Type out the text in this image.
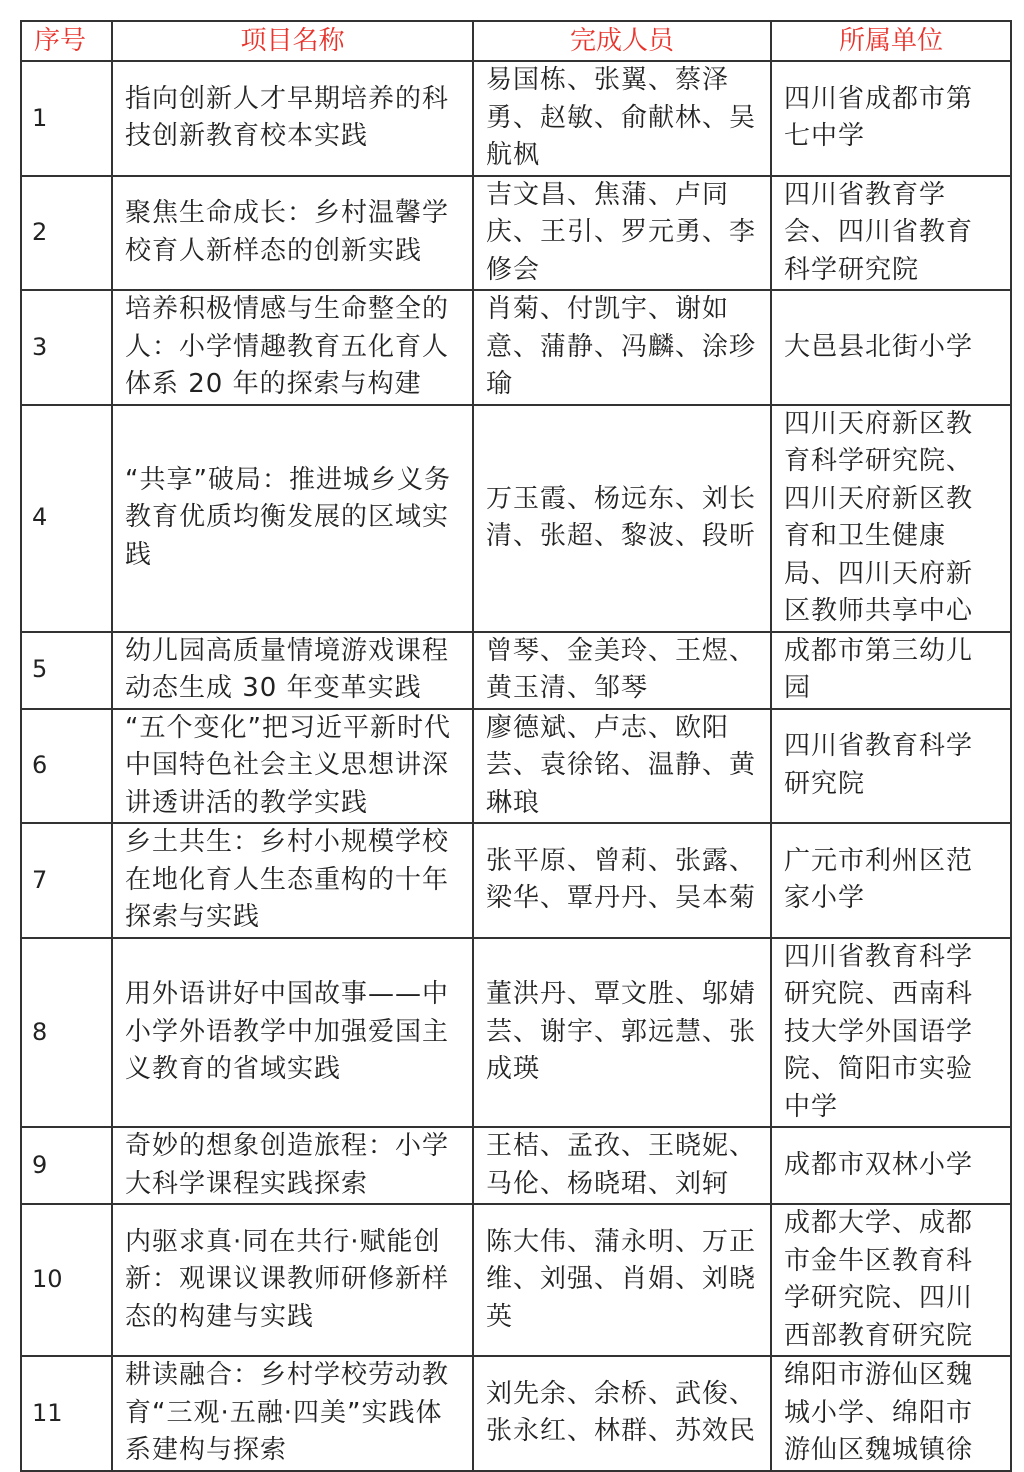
序号	项目名称	完成人员	所属单位
1	指向创新人才早期培养的科技创新教育校本实践	易国栋、张翼、蔡泽勇、赵敏、俞献林、吴航枫	四川省成都市第七中学
2	聚焦生命成长：乡村温馨学校育人新样态的创新实践	吉文昌、焦蒲、卢同庆、王引、罗元勇、李修会	四川省教育学会、四川省教育科学研究院
3	培养积极情感与生命整全的人：小学情趣教育五化育人体系 20 年的探索与构建	肖菊、付凯宇、谢如意、蒲静、冯麟、涂珍瑜	大邑县北街小学
4	“共享”破局：推进城乡义务教育优质均衡发展的区域实践	万玉霞、杨远东、刘长清、张超、黎波、段昕	四川天府新区教育科学研究院、四川天府新区教育和卫生健康局、四川天府新区教师共享中心
5	幼儿园高质量情境游戏课程动态生成 30 年变革实践	曾琴、金美玲、王煜、黄玉清、邹琴	成都市第三幼儿园
6	“五个变化”把习近平新时代中国特色社会主义思想讲深讲透讲活的教学实践	廖德斌、卢志、欧阳芸、袁徐铭、温静、黄琳琅	四川省教育科学研究院
7	乡土共生：乡村小规模学校在地化育人生态重构的十年探索与实践	张平原、曾莉、张露、梁华、覃丹丹、吴本菊	广元市利州区范家小学
8	用外语讲好中国故事——中小学外语教学中加强爱国主义教育的省域实践	董洪丹、覃文胜、邬婧芸、谢宇、郭远慧、张成瑛	四川省教育科学研究院、西南科技大学外国语学院、简阳市实验中学
9	奇妙的想象创造旅程：小学大科学课程实践探索	王桔、孟孜、王晓妮、马伦、杨晓珺、刘轲	成都市双林小学
10	内驱求真·同在共行·赋能创新：观课议课教师研修新样态的构建与实践	陈大伟、蒲永明、万正维、刘强、肖娟、刘晓英	成都大学、成都市金牛区教育科学研究院、四川西部教育研究院
11	耕读融合：乡村学校劳动教育“三观·五融·四美”实践体系建构与探索	刘先余、余桥、武俊、张永红、林群、苏效民	绵阳市游仙区魏城小学、绵阳市游仙区魏城镇徐
